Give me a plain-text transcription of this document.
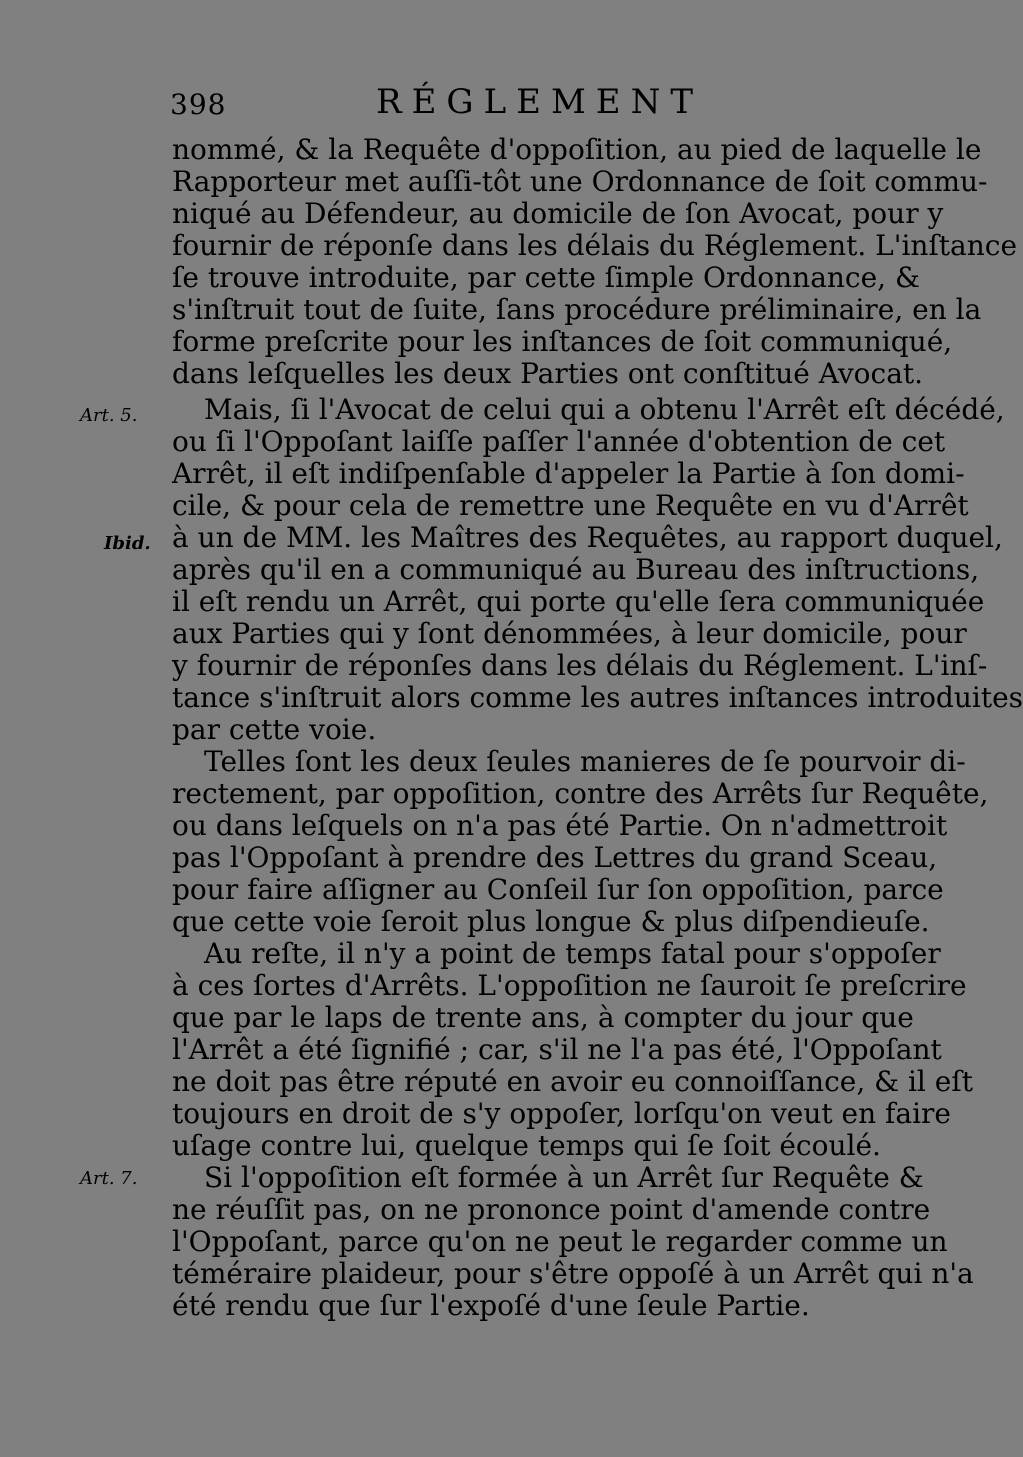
398	RÉGLEMENT
Art. 5.
Ibid.
Art. 7.
nommé, & la Requête d'oppoſition, au pied de laquelle le
Rapporteur met auſſi-tôt une Ordonnance de ſoit commu-
niqué au Défendeur, au domicile de ſon Avocat, pour y
fournir de réponſe dans les délais du Réglement. L'inſtance
ſe trouve introduite, par cette ſimple Ordonnance, &
s'inſtruit tout de ſuite, ſans procédure préliminaire, en la
forme preſcrite pour les inſtances de ſoit communiqué,
dans leſquelles les deux Parties ont conſtitué Avocat.
Mais, ſi l'Avocat de celui qui a obtenu l'Arrêt eſt décédé,
ou ſi l'Oppoſant laiſſe paſſer l'année d'obtention de cet
Arrêt, il eſt indiſpenſable d'appeler la Partie à ſon domi-
cile, & pour cela de remettre une Requête en vu d'Arrêt
à un de MM. les Maîtres des Requêtes, au rapport duquel,
après qu'il en a communiqué au Bureau des inſtructions,
il eſt rendu un Arrêt, qui porte qu'elle ſera communiquée
aux Parties qui y ſont dénommées, à leur domicile, pour
y fournir de réponſes dans les délais du Réglement. L'inſ-
tance s'inſtruit alors comme les autres inſtances introduites
par cette voie.
Telles ſont les deux ſeules manieres de ſe pourvoir di-
rectement, par oppoſition, contre des Arrêts ſur Requête,
ou dans leſquels on n'a pas été Partie. On n'admettroit
pas l'Oppoſant à prendre des Lettres du grand Sceau,
pour faire aſſigner au Conſeil ſur ſon oppoſition, parce
que cette voie ſeroit plus longue & plus diſpendieuſe.
Au reſte, il n'y a point de temps fatal pour s'oppoſer
à ces ſortes d'Arrêts. L'oppoſition ne ſauroit ſe preſcrire
que par le laps de trente ans, à compter du jour que
l'Arrêt a été ſignifié ; car, s'il ne l'a pas été, l'Oppoſant
ne doit pas être réputé en avoir eu connoiſſance, & il eſt
toujours en droit de s'y oppoſer, lorſqu'on veut en faire
uſage contre lui, quelque temps qui ſe ſoit écoulé.
Si l'oppoſition eſt formée à un Arrêt ſur Requête &
ne réuſſit pas, on ne prononce point d'amende contre
l'Oppoſant, parce qu'on ne peut le regarder comme un
téméraire plaideur, pour s'être oppoſé à un Arrêt qui n'a
été rendu que ſur l'expoſé d'une ſeule Partie.
